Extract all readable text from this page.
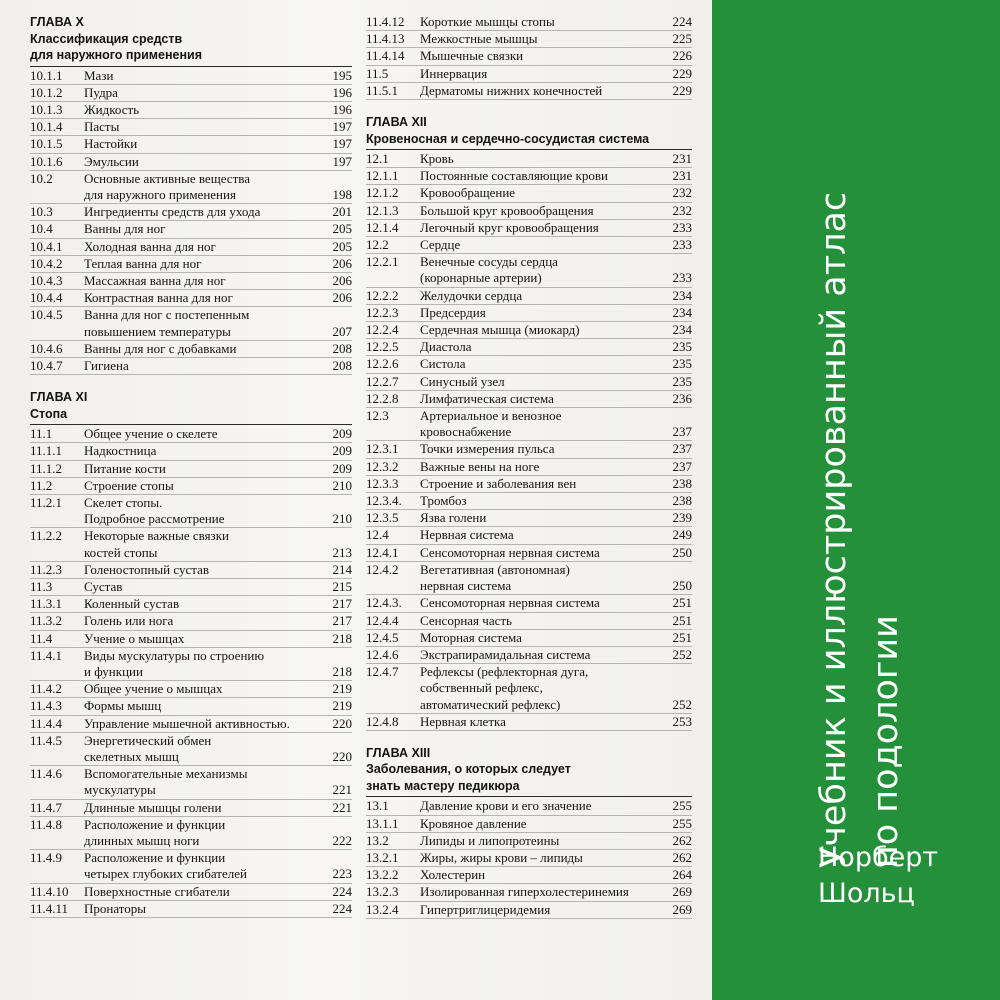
ГЛАВА X
Классификация средств
для наружного применения
10.1.1	Мази	195
10.1.2	Пудра	196
10.1.3	Жидкость	196
10.1.4	Пасты	197
10.1.5	Настойки	197
10.1.6	Эмульсии	197
10.2	Основные активные вещества
для наружного применения	198
10.3	Ингредиенты средств для ухода	201
10.4	Ванны для ног	205
10.4.1	Холодная ванна для ног	205
10.4.2	Теплая ванна для ног	206
10.4.3	Массажная ванна для ног	206
10.4.4	Контрастная ванна для ног	206
10.4.5	Ванна для ног с постепенным
повышением температуры	207
10.4.6	Ванны для ног с добавками	208
10.4.7	Гигиена	208
ГЛАВА XI
Стопа
11.1	Общее учение о скелете	209
11.1.1	Надкостница	209
11.1.2	Питание кости	209
11.2	Строение стопы	210
11.2.1	Скелет стопы.
Подробное рассмотрение	210
11.2.2	Некоторые важные связки
костей стопы	213
11.2.3	Голеностопный сустав	214
11.3	Сустав	215
11.3.1	Коленный сустав	217
11.3.2	Голень или нога	217
11.4	Учение о мышцах	218
11.4.1	Виды мускулатуры по строению
и функции	218
11.4.2	Общее учение о мышцах	219
11.4.3	Формы мышц	219
11.4.4	Управление мышечной активностью.	220
11.4.5	Энергетический обмен
скелетных мышц	220
11.4.6	Вспомогательные механизмы
мускулатуры	221
11.4.7	Длинные мышцы голени	221
11.4.8	Расположение и функции
длинных мышц ноги	222
11.4.9	Расположение и функции
четырех глубоких сгибателей	223
11.4.10	Поверхностные сгибатели	224
11.4.11	Пронаторы	224
11.4.12	Короткие мышцы стопы	224
11.4.13	Межкостные мышцы	225
11.4.14	Мышечные связки	226
11.5	Иннервация	229
11.5.1	Дерматомы нижних конечностей	229
ГЛАВА XII
Кровеносная и сердечно-сосудистая система
12.1	Кровь	231
12.1.1	Постоянные составляющие крови	231
12.1.2	Кровообращение	232
12.1.3	Большой круг кровообращения	232
12.1.4	Легочный круг кровообращения	233
12.2	Сердце	233
12.2.1	Венечные сосуды сердца
(коронарные артерии)	233
12.2.2	Желудочки сердца	234
12.2.3	Предсердия	234
12.2.4	Сердечная мышца (миокард)	234
12.2.5	Диастола	235
12.2.6	Систола	235
12.2.7	Синусный узел	235
12.2.8	Лимфатическая система	236
12.3	Артериальное и венозное
кровоснабжение	237
12.3.1	Точки измерения пульса	237
12.3.2	Важные вены на ноге	237
12.3.3	Строение и заболевания вен	238
12.3.4.	Тромбоз	238
12.3.5	Язва голени	239
12.4	Нервная система	249
12.4.1	Сенсомоторная нервная система	250
12.4.2	Вегетативная (автономная)
нервная система	250
12.4.3.	Сенсомоторная нервная система	251
12.4.4	Сенсорная часть	251
12.4.5	Моторная система	251
12.4.6	Экстрапирамидальная система	252
12.4.7	Рефлексы (рефлекторная дуга,
собственный рефлекс,
автоматический рефлекс)	252
12.4.8	Нервная клетка	253
ГЛАВА XIII
Заболевания, о которых следует
знать мастеру педикюра
13.1	Давление крови и его значение	255
13.1.1	Кровяное давление	255
13.2	Липиды и липопротеины	262
13.2.1	Жиры, жиры крови – липиды	262
13.2.2	Холестерин	264
13.2.3	Изолированная гиперхолестеринемия	269
13.2.4	Гипертриглицеридемия	269
Учебник и иллюстрированный атлас по подологии
Норберт
Шольц
